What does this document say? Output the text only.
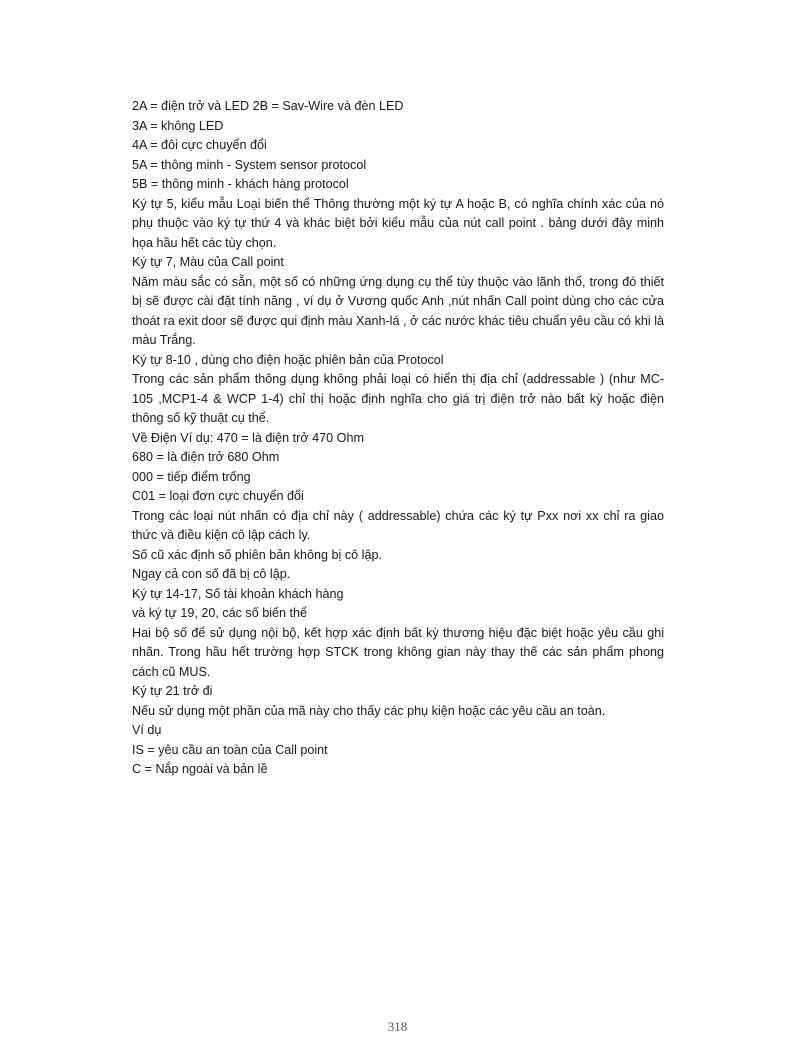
2A = điện trở và LED 2B = Sav-Wire và đèn LED
3A = không LED
4A = đôi cực chuyển đổi
5A = thông minh - System sensor protocol
5B = thông minh - khách hàng protocol
Ký tự 5, kiểu mẫu Loại biến thể Thông thường một ký tự A hoặc B, có nghĩa chính xác của nó phụ thuộc vào ký tự thứ 4 và khác biệt bởi kiểu mẫu của nút call point . bảng dưới đây minh họa hầu hết các tùy chọn.
Ký tự 7, Màu của Call point
Năm màu sắc có sẵn, một số có những ứng dụng cụ thể tùy thuộc vào lãnh thổ, trong đó thiết bị sẽ được cài đặt tính năng , ví dụ ở Vương quốc Anh ,nút nhấn Call point dùng cho các cửa thoát ra exit door sẽ được qui định màu Xanh-lá , ở các nước khác tiêu chuẩn yêu cầu có khi là màu Trắng.
Ký tự 8-10 , dùng cho điện hoặc phiên bản của Protocol
Trong các sản phẩm thông dụng không phải loại có hiển thị địa chỉ (addressable ) (như MC-105 ,MCP1-4 & WCP 1-4) chỉ thị hoặc định nghĩa cho giá trị điện trở nào bất kỳ hoặc điện thông số kỹ thuật cụ thể.
Về Điện Ví dụ: 470 = là điện trở 470 Ohm
680 = là điện trở 680 Ohm
000 = tiếp điểm trống
C01 = loại đơn cực chuyển đổi
Trong các loại nút nhấn có địa chỉ này ( addressable) chứa các ký tự Pxx nơi xx chỉ ra giao thức và điều kiện cô lập cách ly.
Số cũ xác định số phiên bản không bị cô lập.
Ngay cả con số đã bị cô lập.
Ký tự 14-17, Số tài khoản khách hàng
và ký tự 19, 20, các số biến thể
Hai bộ số để sử dụng nội bộ, kết hợp xác định bất kỳ thương hiệu đặc biệt hoặc yêu cầu ghi nhãn. Trong hầu hết trường hợp STCK trong không gian này thay thế các sản phẩm phong cách cũ MUS.
Ký tự 21 trở đi
Nếu sử dụng một phần của mã này cho thấy các phụ kiện hoặc các yêu cầu an toàn.
Ví dụ
IS = yêu cầu an toàn của Call point
C = Nắp ngoài và bản lề
318
